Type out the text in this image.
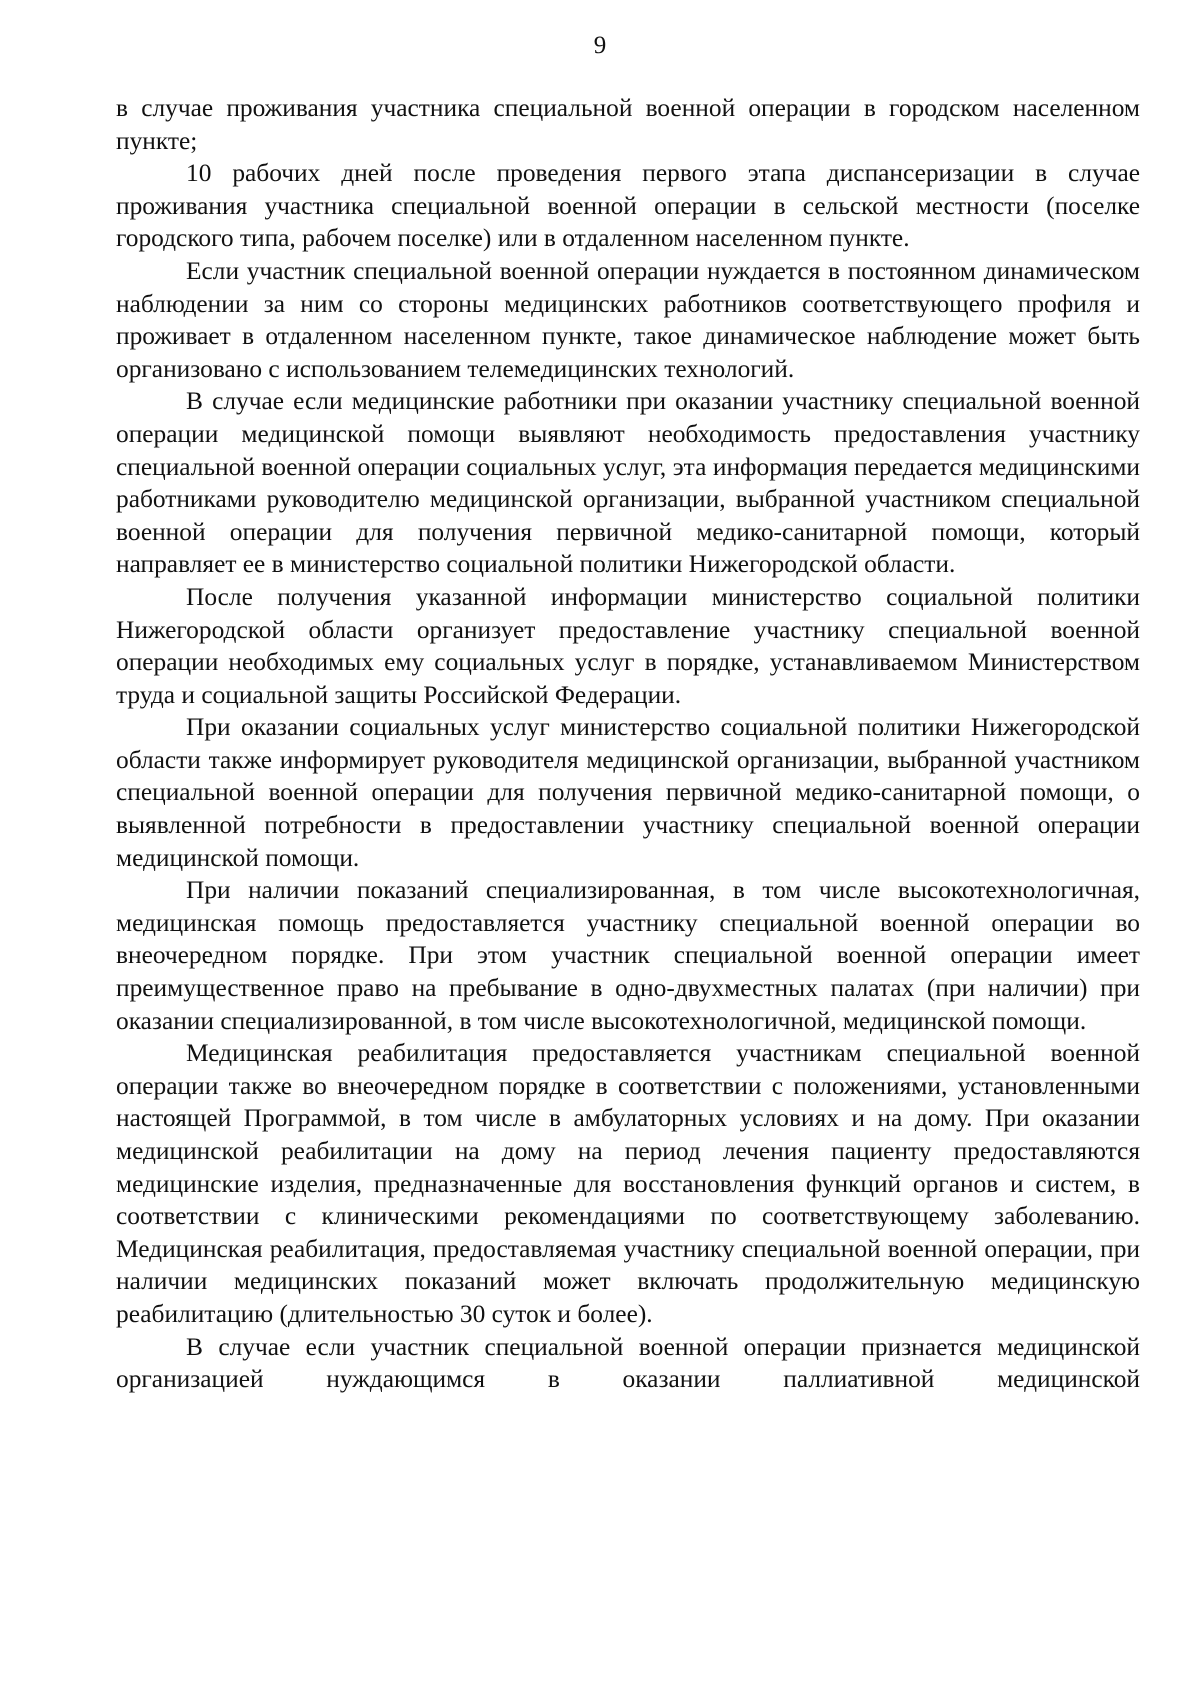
9

в случае проживания участника специальной военной операции в городском населенном пункте;

10 рабочих дней после проведения первого этапа диспансеризации в случае проживания участника специальной военной операции в сельской местности (поселке городского типа, рабочем поселке) или в отдаленном населенном пункте.

Если участник специальной военной операции нуждается в постоянном динамическом наблюдении за ним со стороны медицинских работников соответствующего профиля и проживает в отдаленном населенном пункте, такое динамическое наблюдение может быть организовано с использованием телемедицинских технологий.

В случае если медицинские работники при оказании участнику специальной военной операции медицинской помощи выявляют необходимость предоставления участнику специальной военной операции социальных услуг, эта информация передается медицинскими работниками руководителю медицинской организации, выбранной участником специальной военной операции для получения первичной медико-санитарной помощи, который направляет ее в министерство социальной политики Нижегородской области.

После получения указанной информации министерство социальной политики Нижегородской области организует предоставление участнику специальной военной операции необходимых ему социальных услуг в порядке, устанавливаемом Министерством труда и социальной защиты Российской Федерации.

При оказании социальных услуг министерство социальной политики Нижегородской области также информирует руководителя медицинской организации, выбранной участником специальной военной операции для получения первичной медико-санитарной помощи, о выявленной потребности в предоставлении участнику специальной военной операции медицинской помощи.

При наличии показаний специализированная, в том числе высокотехнологичная, медицинская помощь предоставляется участнику специальной военной операции во внеочередном порядке. При этом участник специальной военной операции имеет преимущественное право на пребывание в одно-двухместных палатах (при наличии) при оказании специализированной, в том числе высокотехнологичной, медицинской помощи.

Медицинская реабилитация предоставляется участникам специальной военной операции также во внеочередном порядке в соответствии с положениями, установленными настоящей Программой, в том числе в амбулаторных условиях и на дому. При оказании медицинской реабилитации на дому на период лечения пациенту предоставляются медицинские изделия, предназначенные для восстановления функций органов и систем, в соответствии с клиническими рекомендациями по соответствующему заболеванию. Медицинская реабилитация, предоставляемая участнику специальной военной операции, при наличии медицинских показаний может включать продолжительную медицинскую реабилитацию (длительностью 30 суток и более).

В случае если участник специальной военной операции признается медицинской организацией нуждающимся в оказании паллиативной медицинской
